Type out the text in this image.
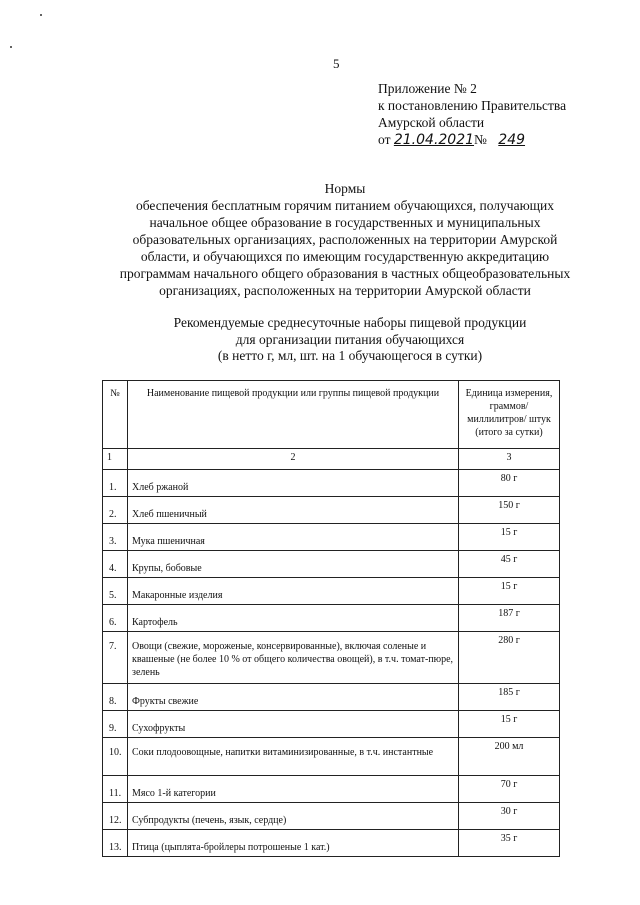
5
Приложение № 2
к постановлению Правительства
Амурской области
от 21.04.2021№ 249
Нормы
обеспечения бесплатным горячим питанием обучающихся, получающих
начальное общее образование в государственных и муниципальных
образовательных организациях, расположенных на территории Амурской
области, и обучающихся по имеющим государственную аккредитацию
программам начального общего образования в частных общеобразовательных
организациях, расположенных на территории Амурской области
Рекомендуемые среднесуточные наборы пищевой продукции
для организации питания обучающихся
(в нетто г, мл, шт. на 1 обучающегося в сутки)
№	Наименование пищевой продукции или группы пищевой продукции	Единица измерения, граммов/миллилитров/ штук (итого за сутки)
1	2	3
1.	Хлеб ржаной	80 г
2.	Хлеб пшеничный	150 г
3.	Мука пшеничная	15 г
4.	Крупы, бобовые	45 г
5.	Макаронные изделия	15 г
6.	Картофель	187 г
7.	Овощи (свежие, мороженые, консервированные), включая соленые и квашеные (не более 10 % от общего количества овощей), в т.ч. томат-пюре, зелень	280 г
8.	Фрукты свежие	185 г
9.	Сухофрукты	15 г
10.	Соки плодоовощные, напитки витаминизированные, в т.ч. инстантные	200 мл
11.	Мясо 1-й категории	70 г
12.	Субпродукты (печень, язык, сердце)	30 г
13.	Птица (цыплята-бройлеры потрошеные 1 кат.)	35 г
